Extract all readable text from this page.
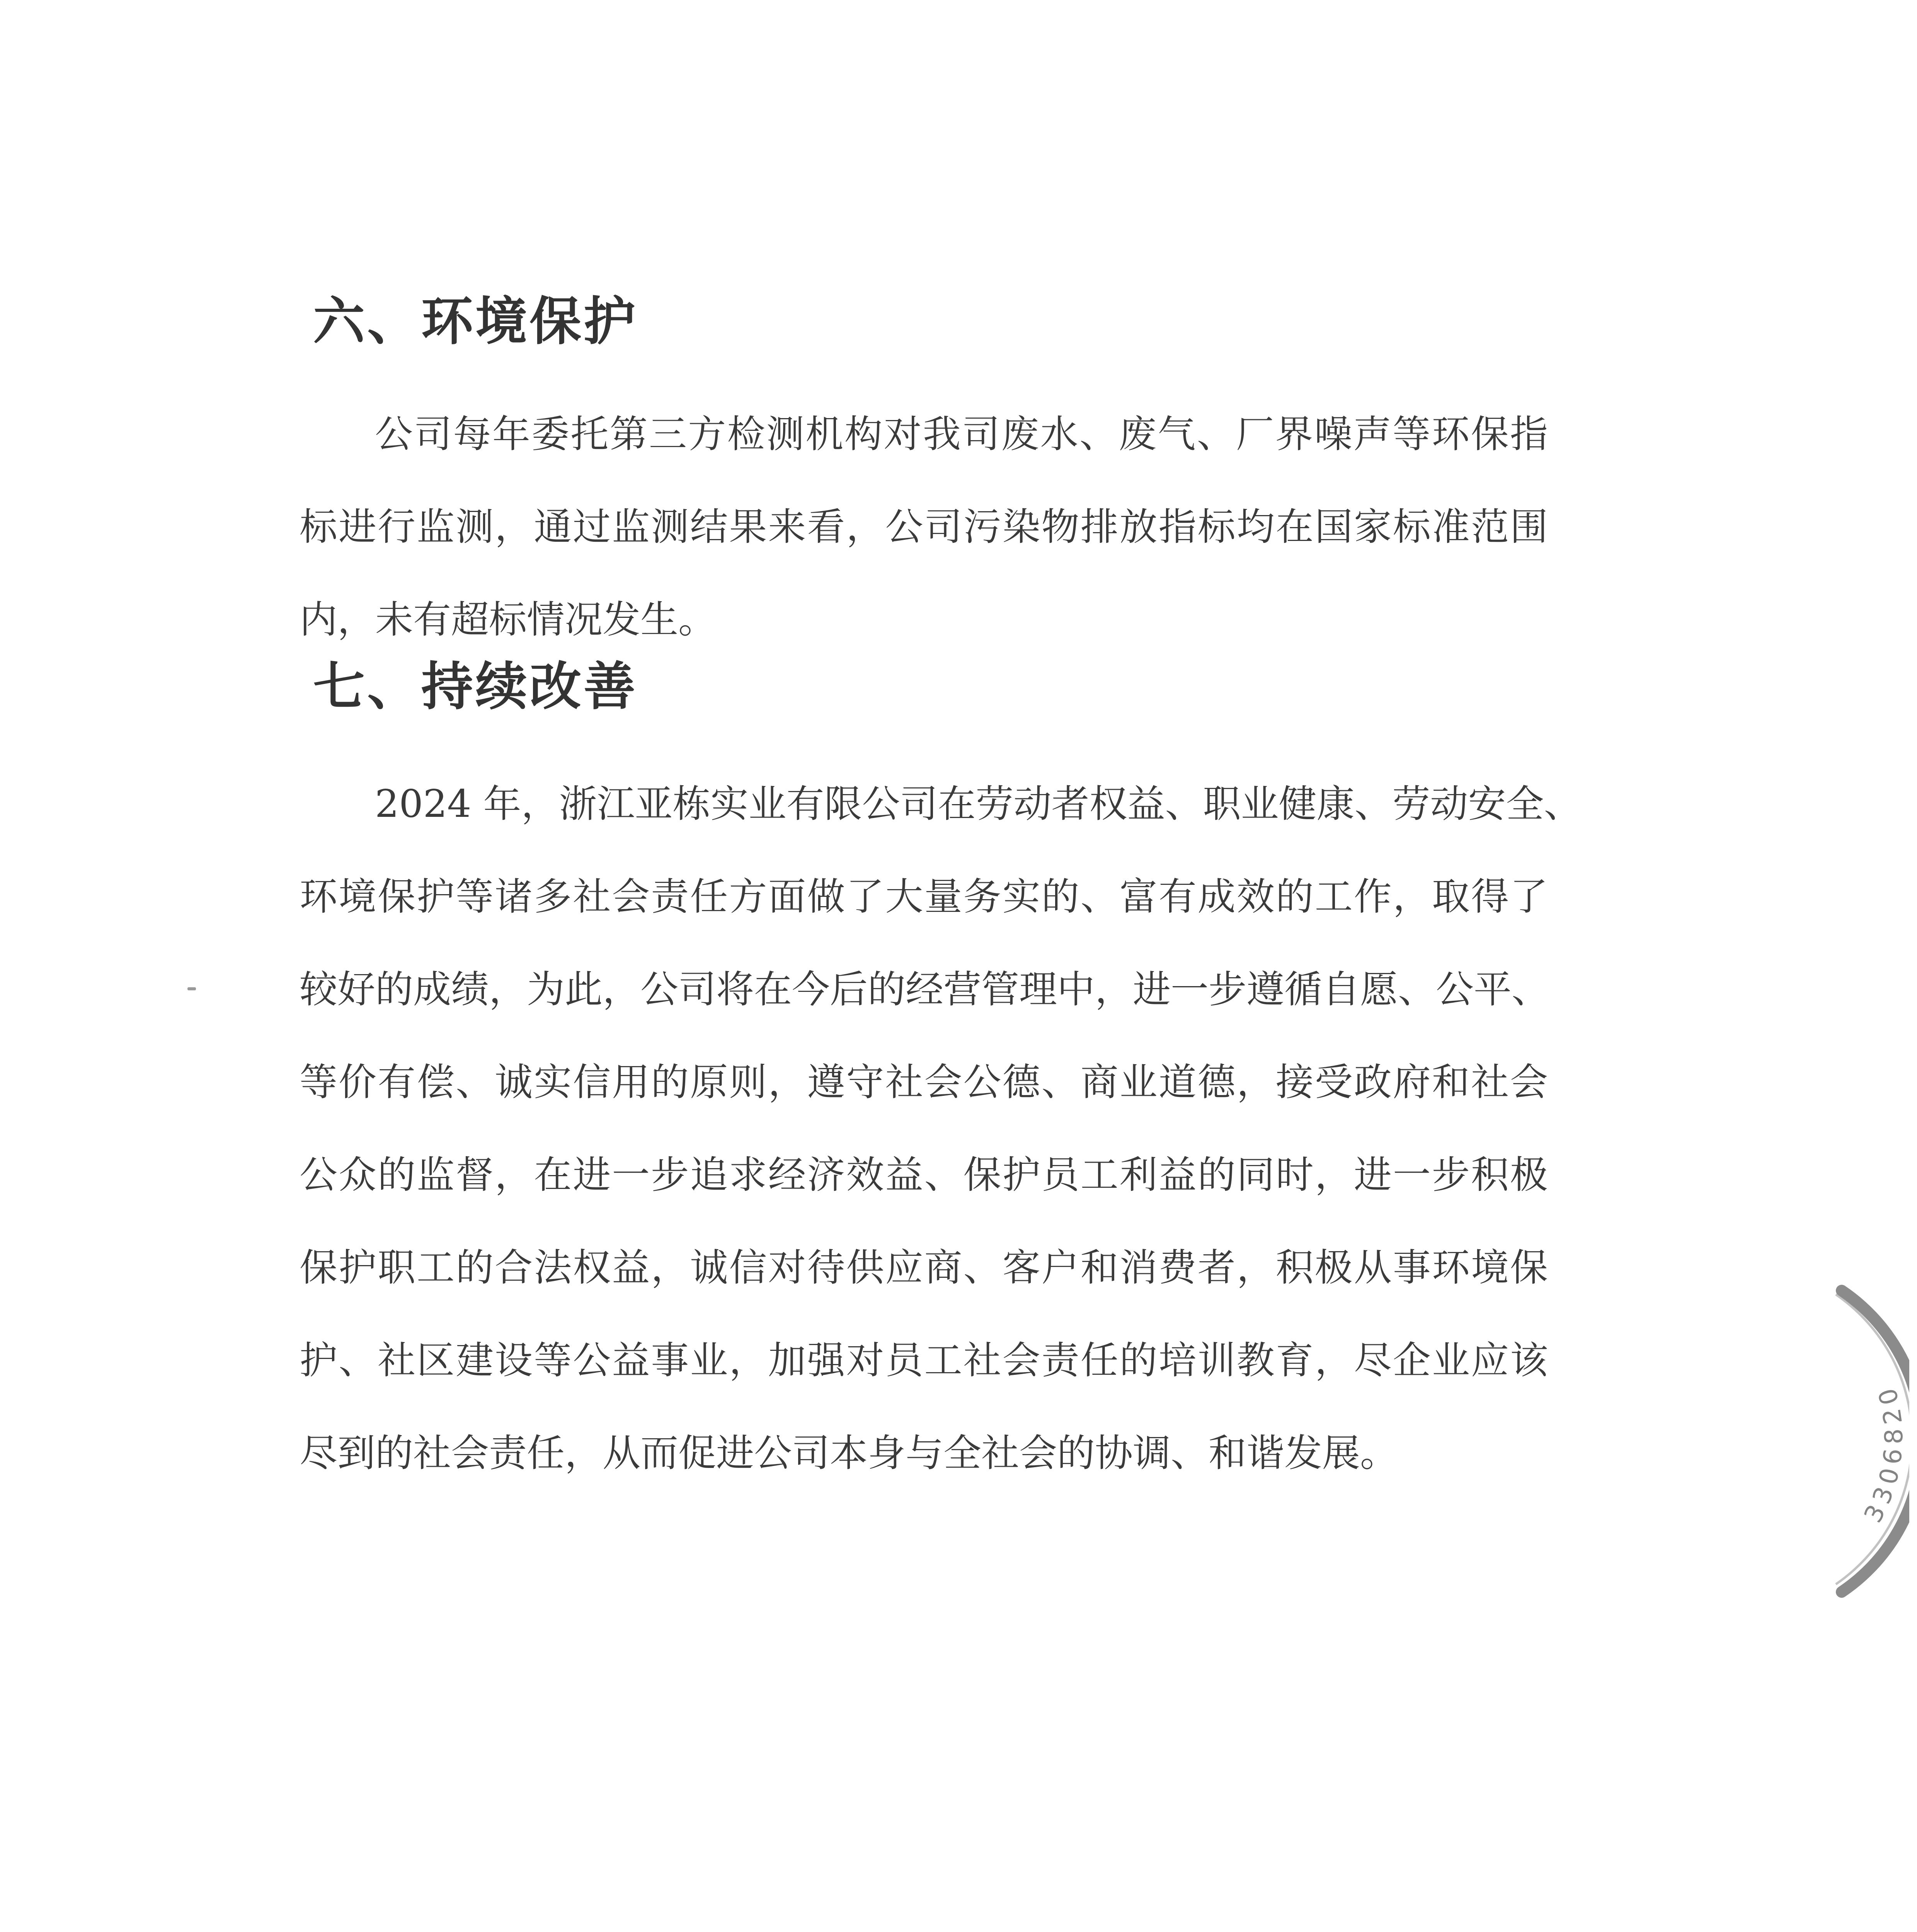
六、环境保护
公司每年委托第三方检测机构对我司废水、废气、厂界噪声等环保指
标进行监测，通过监测结果来看，公司污染物排放指标均在国家标准范围
内，未有超标情况发生。
七、持续改善
2024 年，浙江亚栋实业有限公司在劳动者权益、职业健康、劳动安全、
环境保护等诸多社会责任方面做了大量务实的、富有成效的工作，取得了
较好的成绩，为此，公司将在今后的经营管理中，进一步遵循自愿、公平、
等价有偿、诚实信用的原则，遵守社会公德、商业道德，接受政府和社会
公众的监督，在进一步追求经济效益、保护员工利益的同时，进一步积极
保护职工的合法权益，诚信对待供应商、客户和消费者，积极从事环境保
护、社区建设等公益事业，加强对员工社会责任的培训教育，尽企业应该
尽到的社会责任，从而促进公司本身与全社会的协调、和谐发展。
3306820
